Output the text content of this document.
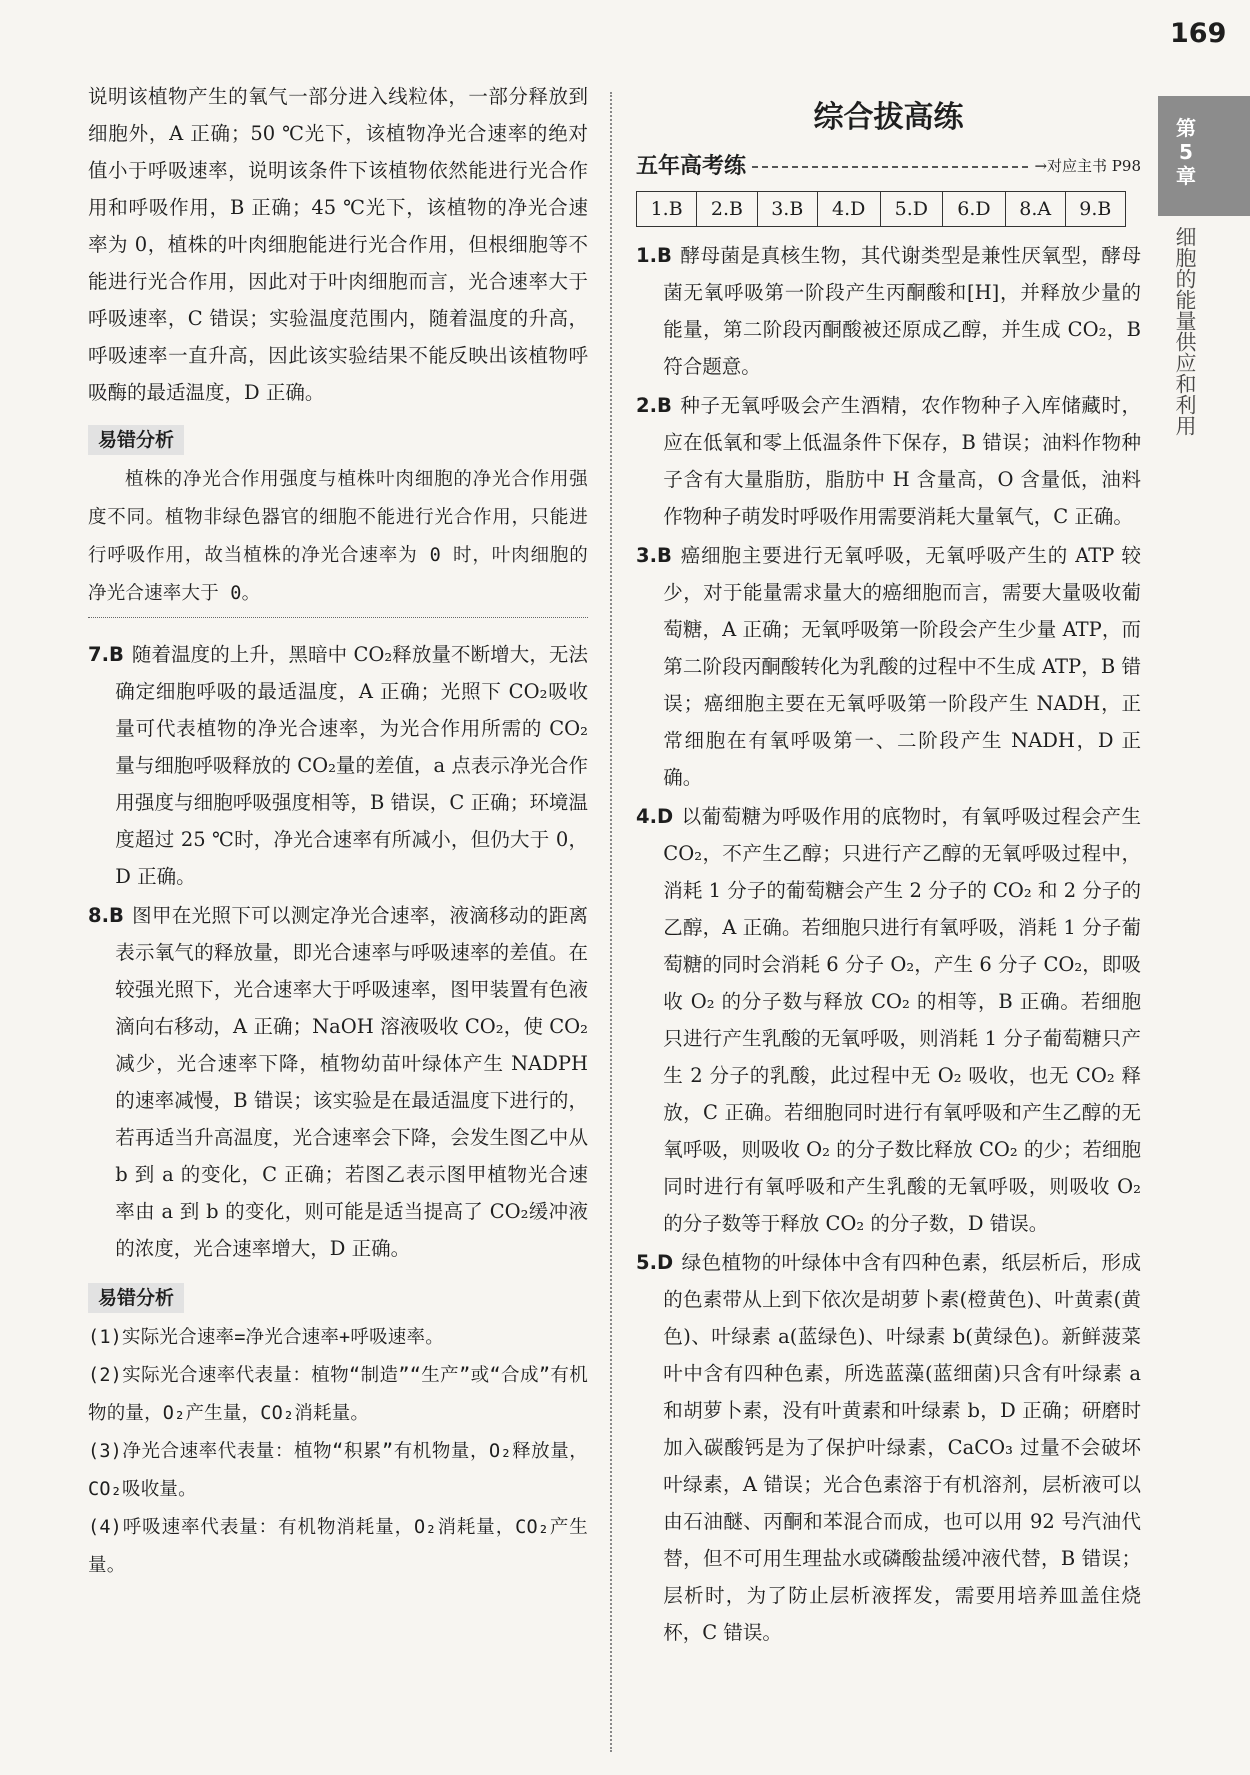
169
第5章
细胞的能量供应和利用

说明该植物产生的氧气一部分进入线粒体，一部分释放到细胞外，A 正确；50 ℃光下，该植物净光合速率的绝对值小于呼吸速率，说明该条件下该植物依然能进行光合作用和呼吸作用，B 正确；45 ℃光下，该植物的净光合速率为 0，植株的叶肉细胞能进行光合作用，但根细胞等不能进行光合作用，因此对于叶肉细胞而言，光合速率大于呼吸速率，C 错误；实验温度范围内，随着温度的升高，呼吸速率一直升高，因此该实验结果不能反映出该植物呼吸酶的最适温度，D 正确。

易错分析

植株的净光合作用强度与植株叶肉细胞的净光合作用强度不同。植物非绿色器官的细胞不能进行光合作用，只能进行呼吸作用，故当植株的净光合速率为 0 时，叶肉细胞的净光合速率大于 0。

7.B 随着温度的上升，黑暗中 CO₂释放量不断增大，无法确定细胞呼吸的最适温度，A 正确；光照下 CO₂吸收量可代表植物的净光合速率，为光合作用所需的 CO₂量与细胞呼吸释放的 CO₂量的差值，a 点表示净光合作用强度与细胞呼吸强度相等，B 错误，C 正确；环境温度超过 25 ℃时，净光合速率有所减小，但仍大于 0，D 正确。

8.B 图甲在光照下可以测定净光合速率，液滴移动的距离表示氧气的释放量，即光合速率与呼吸速率的差值。在较强光照下，光合速率大于呼吸速率，图甲装置有色液滴向右移动，A 正确；NaOH 溶液吸收 CO₂，使 CO₂减少，光合速率下降，植物幼苗叶绿体产生 NADPH 的速率减慢，B 错误；该实验是在最适温度下进行的，若再适当升高温度，光合速率会下降，会发生图乙中从 b 到 a 的变化，C 正确；若图乙表示图甲植物光合速率由 a 到 b 的变化，则可能是适当提高了 CO₂缓冲液的浓度，光合速率增大，D 正确。

易错分析

(1)实际光合速率=净光合速率+呼吸速率。

(2)实际光合速率代表量：植物“制造”“生产”或“合成”有机物的量，O₂产生量，CO₂消耗量。

(3)净光合速率代表量：植物“积累”有机物量，O₂释放量，CO₂吸收量。

(4)呼吸速率代表量：有机物消耗量，O₂消耗量，CO₂产生量。

综合拔高练
五年高考练	→对应主书 P98
1.B	2.B	3.B	4.D	5.D	6.D	8.A	9.B

1.B 酵母菌是真核生物，其代谢类型是兼性厌氧型，酵母菌无氧呼吸第一阶段产生丙酮酸和[H]，并释放少量的能量，第二阶段丙酮酸被还原成乙醇，并生成 CO₂，B 符合题意。

2.B 种子无氧呼吸会产生酒精，农作物种子入库储藏时，应在低氧和零上低温条件下保存，B 错误；油料作物种子含有大量脂肪，脂肪中 H 含量高，O 含量低，油料作物种子萌发时呼吸作用需要消耗大量氧气，C 正确。

3.B 癌细胞主要进行无氧呼吸，无氧呼吸产生的 ATP 较少，对于能量需求量大的癌细胞而言，需要大量吸收葡萄糖，A 正确；无氧呼吸第一阶段会产生少量 ATP，而第二阶段丙酮酸转化为乳酸的过程中不生成 ATP，B 错误；癌细胞主要在无氧呼吸第一阶段产生 NADH，正常细胞在有氧呼吸第一、二阶段产生 NADH，D 正确。

4.D 以葡萄糖为呼吸作用的底物时，有氧呼吸过程会产生 CO₂，不产生乙醇；只进行产乙醇的无氧呼吸过程中，消耗 1 分子的葡萄糖会产生 2 分子的 CO₂ 和 2 分子的乙醇，A 正确。若细胞只进行有氧呼吸，消耗 1 分子葡萄糖的同时会消耗 6 分子 O₂，产生 6 分子 CO₂，即吸收 O₂ 的分子数与释放 CO₂ 的相等，B 正确。若细胞只进行产生乳酸的无氧呼吸，则消耗 1 分子葡萄糖只产生 2 分子的乳酸，此过程中无 O₂ 吸收，也无 CO₂ 释放，C 正确。若细胞同时进行有氧呼吸和产生乙醇的无氧呼吸，则吸收 O₂ 的分子数比释放 CO₂ 的少；若细胞同时进行有氧呼吸和产生乳酸的无氧呼吸，则吸收 O₂ 的分子数等于释放 CO₂ 的分子数，D 错误。

5.D 绿色植物的叶绿体中含有四种色素，纸层析后，形成的色素带从上到下依次是胡萝卜素(橙黄色)、叶黄素(黄色)、叶绿素 a(蓝绿色)、叶绿素 b(黄绿色)。新鲜菠菜叶中含有四种色素，所选蓝藻(蓝细菌)只含有叶绿素 a 和胡萝卜素，没有叶黄素和叶绿素 b，D 正确；研磨时加入碳酸钙是为了保护叶绿素，CaCO₃ 过量不会破坏叶绿素，A 错误；光合色素溶于有机溶剂，层析液可以由石油醚、丙酮和苯混合而成，也可以用 92 号汽油代替，但不可用生理盐水或磷酸盐缓冲液代替，B 错误；层析时，为了防止层析液挥发，需要用培养皿盖住烧杯，C 错误。
